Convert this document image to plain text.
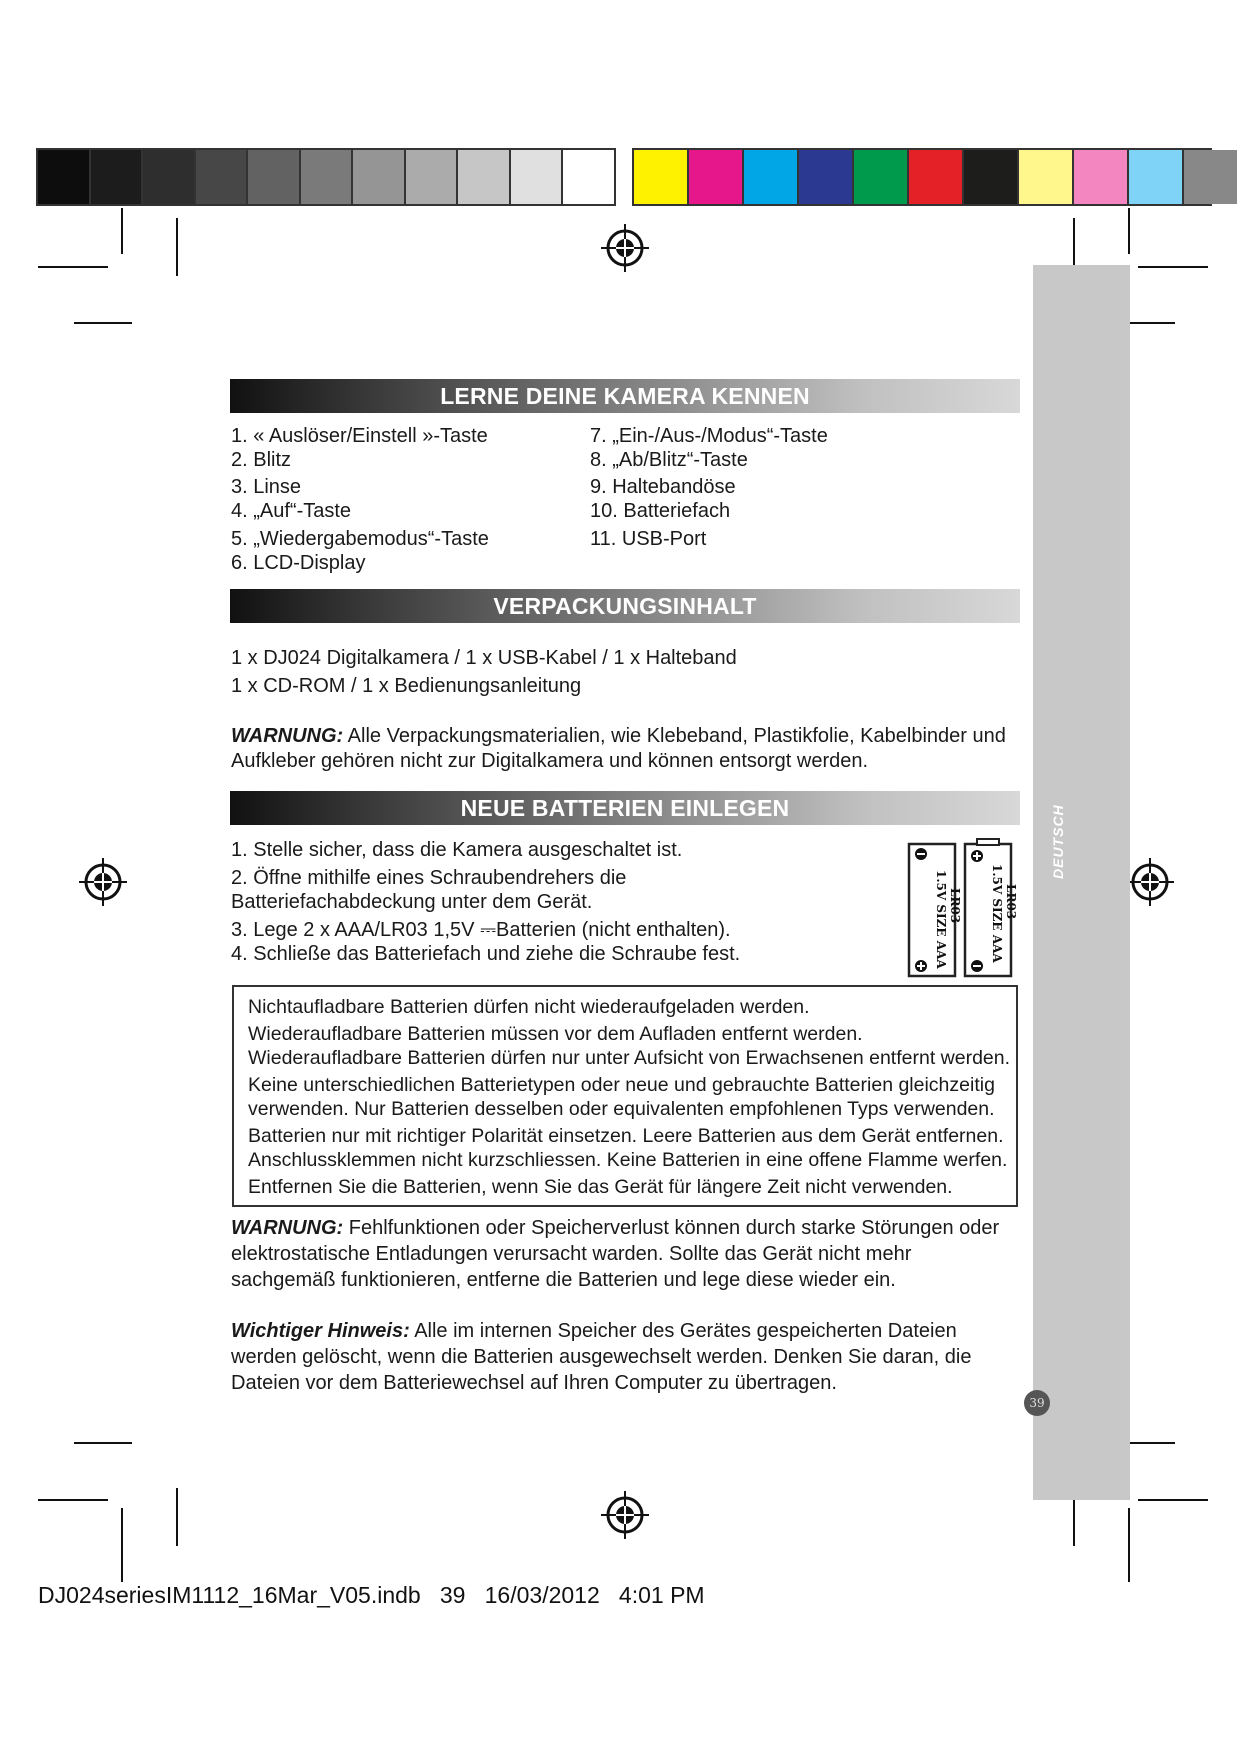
DEUTSCH
LERNE DEINE KAMERA KENNEN
1. « Auslöser/Einstell »-Taste
2. Blitz
3. Linse
4. „Auf“-Taste
5. „Wiedergabemodus“-Taste
6. LCD-Display
7. „Ein-/Aus-/Modus“-Taste
8. „Ab/Blitz“-Taste
9. Haltebandöse
10. Batteriefach
11. USB-Port
VERPACKUNGSINHALT
1 x DJ024 Digitalkamera / 1 x USB-Kabel / 1 x Halteband
1 x CD-ROM / 1 x Bedienungsanleitung
WARNUNG: Alle Verpackungsmaterialien, wie Klebeband, Plastikfolie, Kabelbinder und Aufkleber gehören nicht zur Digitalkamera und können entsorgt werden.
NEUE BATTERIEN EINLEGEN
1. Stelle sicher, dass die Kamera ausgeschaltet ist.
2. Öffne mithilfe eines Schraubendrehers die
Batteriefachabdeckung unter dem Gerät.
3. Lege 2 x AAA/LR03 1,5V ⎓Batterien (nicht enthalten).
4. Schließe das Batteriefach und ziehe die Schraube fest.	1.5V SIZE AAA LR03 1.5V SIZE AAA LR03

Nichtaufladbare Batterien dürfen nicht wiederaufgeladen werden.

Wiederaufladbare Batterien müssen vor dem Aufladen entfernt werden.

Wiederaufladbare Batterien dürfen nur unter Aufsicht von Erwachsenen entfernt werden.

Keine unterschiedlichen Batterietypen oder neue und gebrauchte Batterien gleichzeitig

verwenden. Nur Batterien desselben oder equivalenten empfohlenen Typs verwenden.

Batterien nur mit richtiger Polarität einsetzen. Leere Batterien aus dem Gerät entfernen.

Anschlussklemmen nicht kurzschliessen. Keine Batterien in eine offene Flamme werfen.

Entfernen Sie die Batterien, wenn Sie das Gerät für längere Zeit nicht verwenden.

WARNUNG: Fehlfunktionen oder Speicherverlust können durch starke Störungen oder elektrostatische Entladungen verursacht warden. Sollte das Gerät nicht mehr sachgemäß funktionieren, entferne die Batterien und lege diese wieder ein.
Wichtiger Hinweis: Alle im internen Speicher des Gerätes gespeicherten Dateien werden gelöscht, wenn die Batterien ausgewechselt werden. Denken Sie daran, die Dateien vor dem Batteriewechsel auf Ihren Computer zu übertragen.
39
DJ024seriesIM1112_16Mar_V05.indb   39   16/03/2012   4:01 PM
